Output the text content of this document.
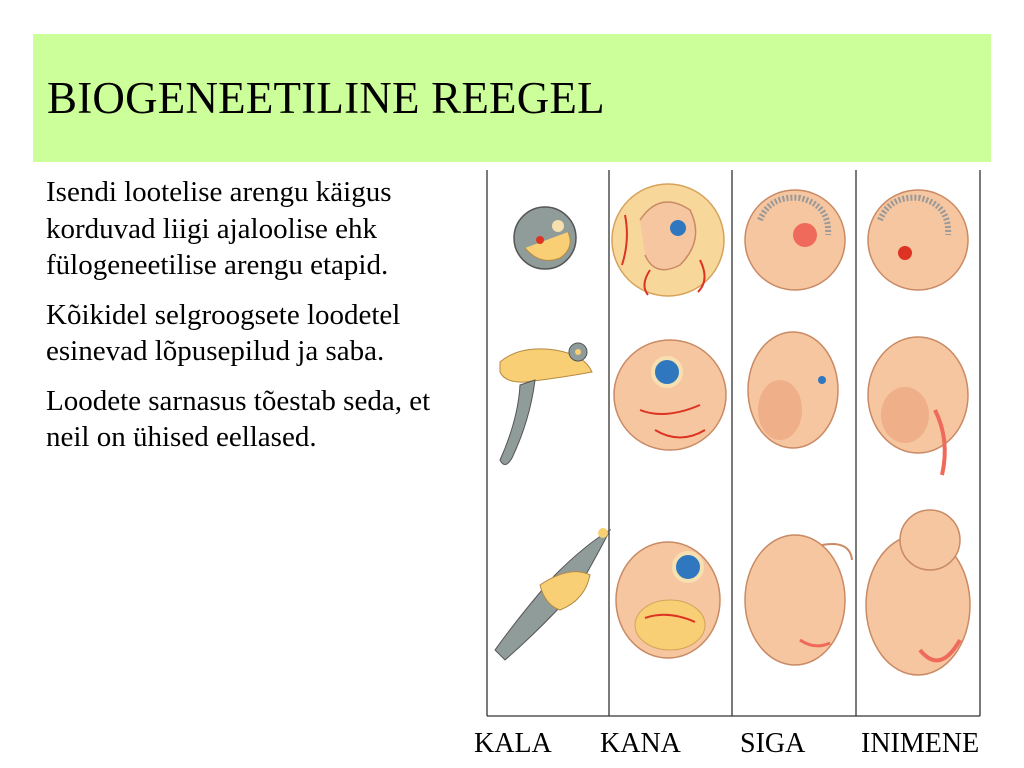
BIOGENEETILINE REEGEL

Isendi lootelise arengu käigus korduvad liigi ajaloolise ehk fülogeneetilise arengu etapid.

Kõikidel selgroogsete loodetel esinevad lõpusepilud ja saba.

Loodete sarnasus tõestab seda, et neil on ühised eellased.

KALA KANA SIGA INIMENE
